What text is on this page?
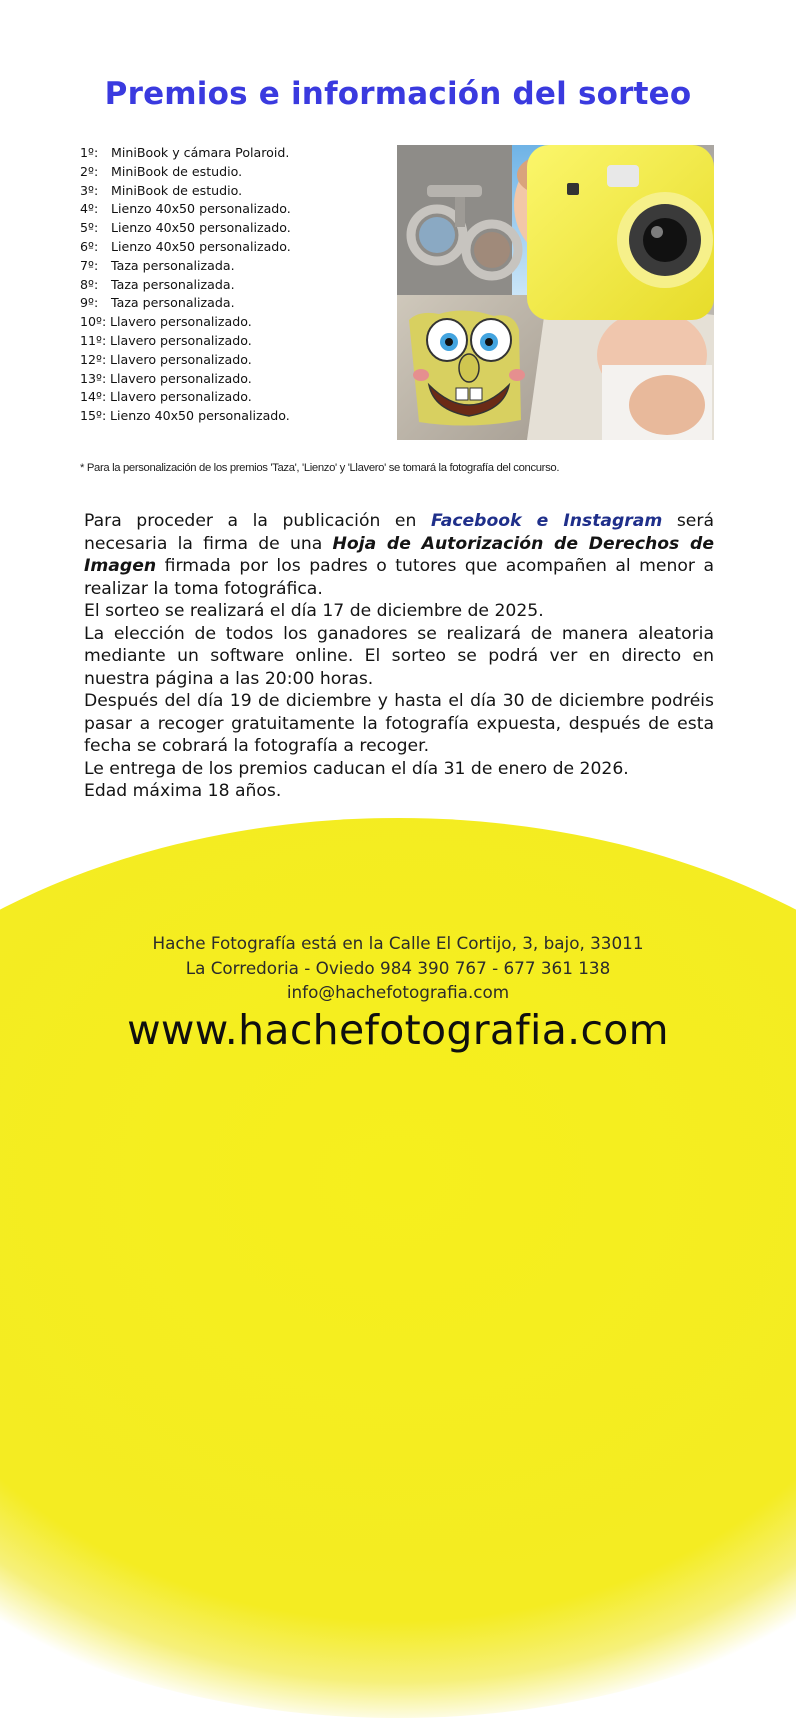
Premios e información del sorteo
1º: MiniBook y cámara Polaroid.
2º: MiniBook de estudio.
3º: MiniBook de estudio.
4º: Lienzo 40x50 personalizado.
5º: Lienzo 40x50 personalizado.
6º: Lienzo 40x50 personalizado.
7º: Taza personalizada.
8º: Taza personalizada.
9º: Taza personalizada.
10º: Llavero personalizado.
11º: Llavero personalizado.
12º: Llavero personalizado.
13º: Llavero personalizado.
14º: Llavero personalizado.
15º: Lienzo 40x50 personalizado.
* Para la personalización de los premios 'Taza', 'Lienzo' y 'Llavero' se tomará la fotografía del concurso.

Para proceder a la publicación en Facebook e Instagram será necesaria la firma de una Hoja de Autorización de Derechos de Imagen firmada por los padres o tutores que acompañen al menor a realizar la toma fotográfica.

El sorteo se realizará el día 17 de diciembre de 2025.

La elección de todos los ganadores se realizará de manera aleatoria mediante un software online. El sorteo se podrá ver en directo en nuestra página a las 20:00 horas.

Después del día 19 de diciembre y hasta el día 30 de diciembre podréis pasar a recoger gratuitamente la fotografía expuesta, después de esta fecha se cobrará la fotografía a recoger.

Le entrega de los premios caducan el día 31 de enero de 2026.

Edad máxima 18 años.

Hache Fotografía está en la Calle El Cortijo, 3, bajo, 33011
La Corredoria - Oviedo 984 390 767 - 677 361 138
info@hachefotografia.com
www.hachefotografia.com
